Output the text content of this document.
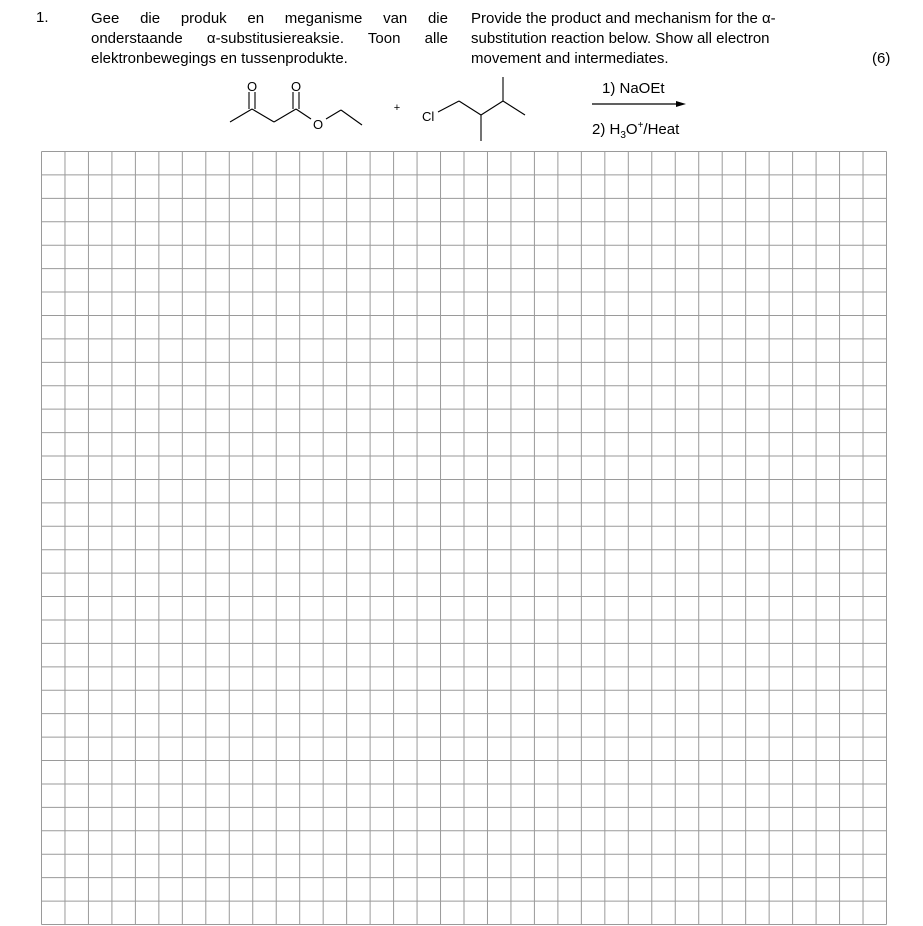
1.	Gee die produk en meganisme van die
onderstaande α-substitusiereaksie. Toon alle
elektronbewegings en tussenprodukte.
Provide the product and mechanism for the α-
substitution reaction below. Show all electron
movement and intermediates.	(6)
O	O
O
+
Cl
1) NaOEt
2) $H_3O^+$/Heat
